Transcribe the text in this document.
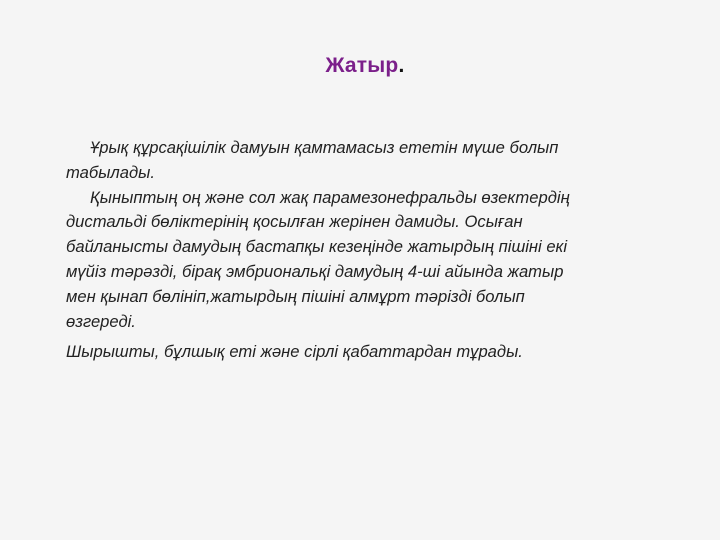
Жатыр.
Ұрық құрсақішілік дамуын қамтамасыз ететін мүше болып
табылады.
Қыныптың оң және сол жақ парамезонефральды өзектердің
дистальді бөліктерінің қосылған жерінен дамиды. Осыған
байланысты дамудың бастапқы кезеңінде жатырдың пішіні екі
мүйіз тәрәзді, бірақ эмбриональқі дамудың 4-ші айында жатыр
мен қынап бөлініп,жатырдың пішіні алмұрт тәрізді болып
өзгереді.
Шырышты, бұлшық еті және сірлі қабаттардан тұрады.
